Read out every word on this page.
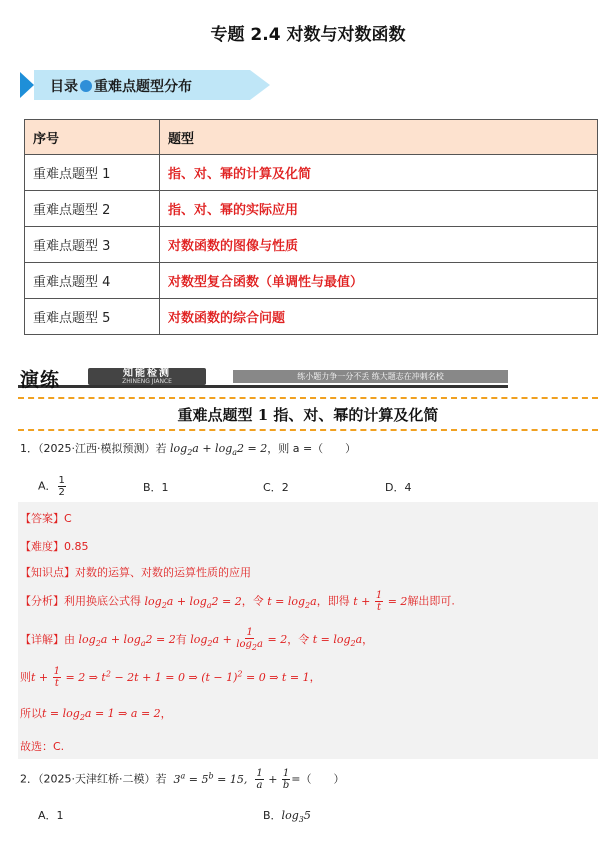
专题 2.4 对数与对数函数
目录 重难点题型分布
序号	题型
重难点题型 1	指、对、幂的计算及化简
重难点题型 2	指、对、幂的实际应用
重难点题型 3	对数函数的图像与性质
重难点题型 4	对数型复合函数（单调性与最值）
重难点题型 5	对数函数的综合问题
演练	知能检测
ZHINENG JIANCE
练小题力争一分不丢 练大题志在冲刺名校
重难点题型 1 指、对、幂的计算及化简
1．（2025·江西·模拟预测）若 $\log_2a + \log_a2 = 2$，则 a =（　　）
A． $\frac{1}{2}$	B．1	C．2	D．4
【答案】C
【难度】0.85
【知识点】对数的运算、对数的运算性质的应用
【分析】利用换底公式得 $\log_2a + \log_a2 = 2$，令 $t = \log_2a$，即得 $t + \frac{1}{t} = 2$解出即可.
【详解】由 $\log_2a + \log_a2 = 2$有 $\log_2a + \frac{1}{\log_2a} = 2$，令 $t = \log_2a$，
则$t + \frac{1}{t} = 2$ ⇒ $t^2 - 2t + 1 = 0$ ⇒ $(t - 1)^2 = 0$ ⇒ t = 1，
所以$t = \log_2a = 1$ ⇒ a = 2，
故选：C.
2．（2025·天津红桥·二模）若  $3^a = 5^b = 15$, $\frac{1}{a} + \frac{1}{b}$ =（　　）
A．1	B．$\log_35$
